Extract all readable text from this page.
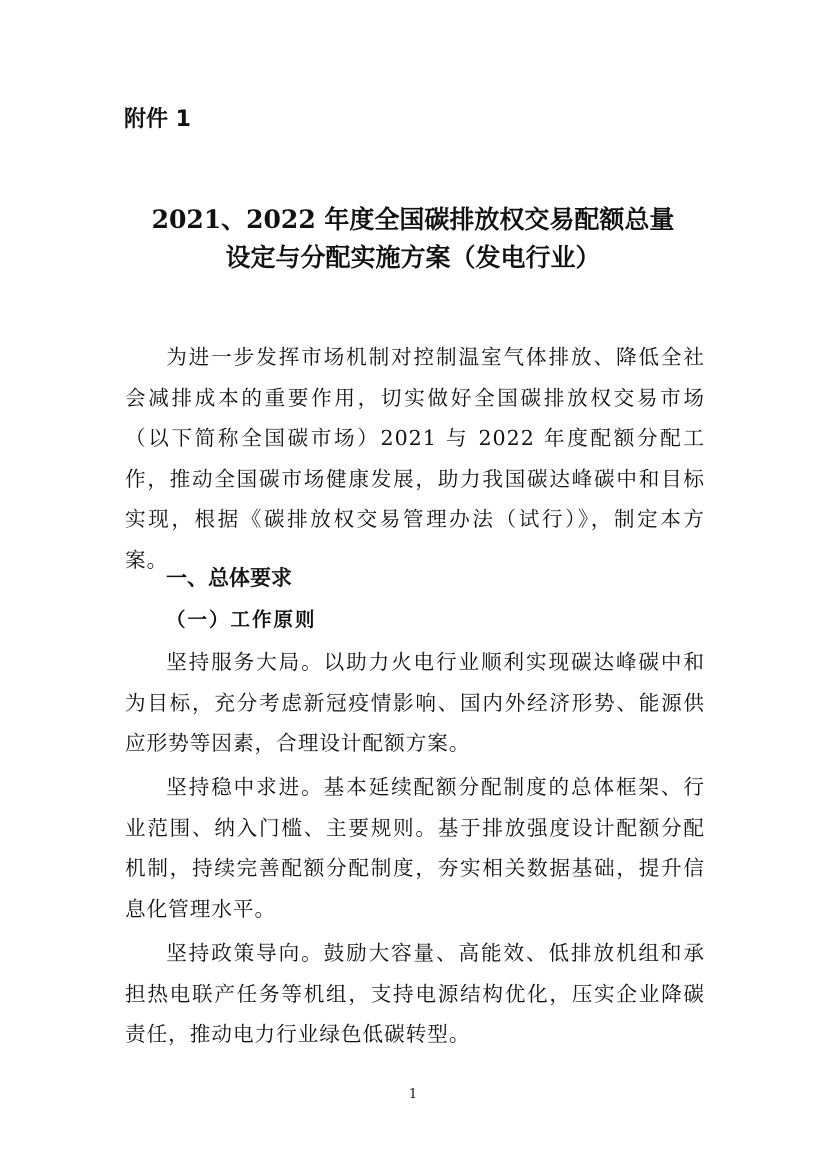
附件 1
2021、2022 年度全国碳排放权交易配额总量
设定与分配实施方案（发电行业）

为进一步发挥市场机制对控制温室气体排放、降低全社会减排成本的重要作用，切实做好全国碳排放权交易市场（以下简称全国碳市场）2021 与 2022 年度配额分配工作，推动全国碳市场健康发展，助力我国碳达峰碳中和目标实现，根据《碳排放权交易管理办法（试行）》，制定本方案。

一、总体要求
（一）工作原则

坚持服务大局。以助力火电行业顺利实现碳达峰碳中和为目标，充分考虑新冠疫情影响、国内外经济形势、能源供应形势等因素，合理设计配额方案。

坚持稳中求进。基本延续配额分配制度的总体框架、行业范围、纳入门槛、主要规则。基于排放强度设计配额分配机制，持续完善配额分配制度，夯实相关数据基础，提升信息化管理水平。

坚持政策导向。鼓励大容量、高能效、低排放机组和承担热电联产任务等机组，支持电源结构优化，压实企业降碳责任，推动电力行业绿色低碳转型。

1
